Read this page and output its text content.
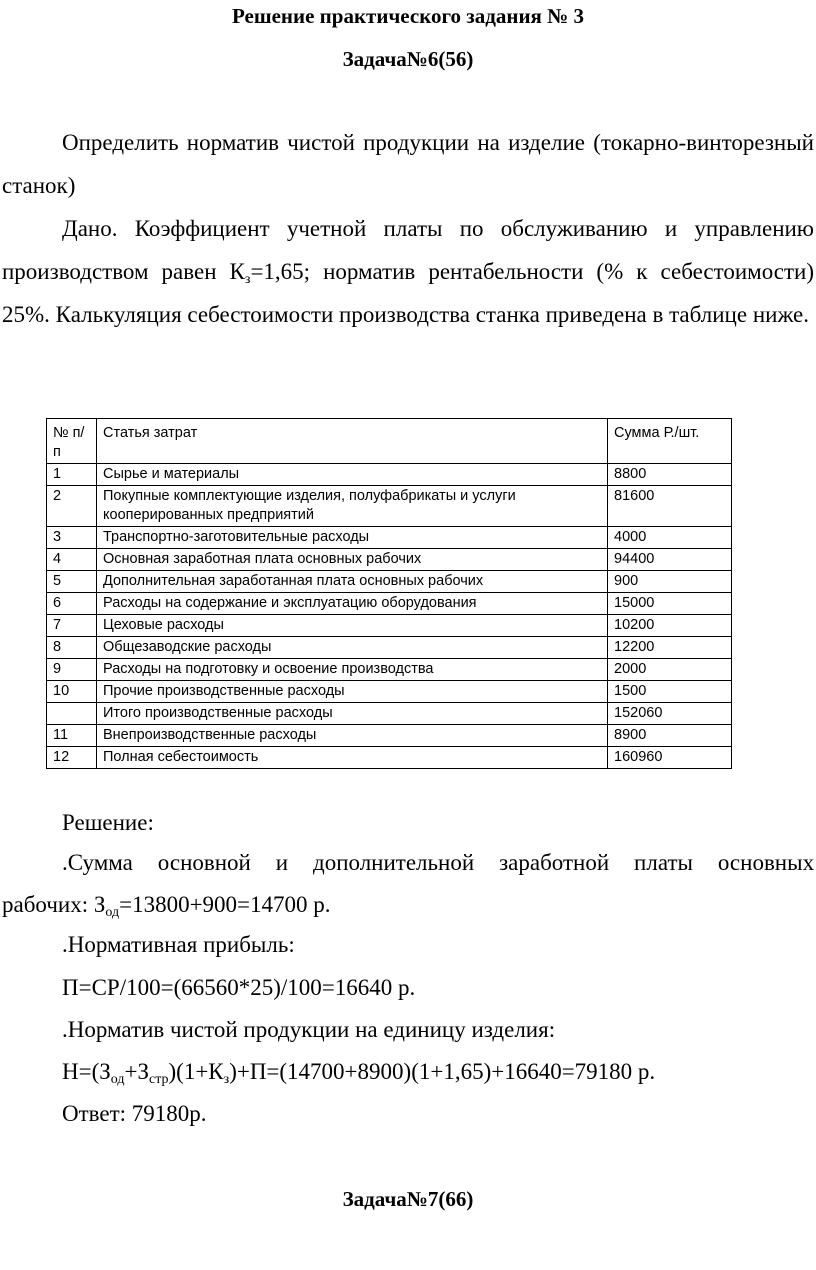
Решение практического задания № 3
Задача№6(56)
Определить норматив чистой продукции на изделие (токарно-винторезный станок)
Дано. Коэффициент учетной платы по обслуживанию и управлению производством равен $К_з=1,65$; норматив рентабельности (% к себестоимости) 25%. Калькуляция себестоимости производства станка приведена в таблице ниже.
№ п/п	Статья затрат	Сумма Р./шт.
1	Сырье и материалы	8800
2	Покупные комплектующие изделия, полуфабрикаты и услуги кооперированных предприятий	81600
3	Транспортно-заготовительные расходы	4000
4	Основная заработная плата основных рабочих	94400
5	Дополнительная заработанная плата основных рабочих	900
6	Расходы на содержание и эксплуатацию оборудования	15000
7	Цеховые расходы	10200
8	Общезаводские расходы	12200
9	Расходы на подготовку и освоение производства	2000
10	Прочие производственные расходы	1500
	Итого производственные расходы	152060
11	Внепроизводственные расходы	8900
12	Полная себестоимость	160960
Решение:
.Сумма основной и дополнительной заработной платы основных
рабочих: $З_{од}=13800+900=14700$ р.
.Нормативная прибыль:
П=СР/100=(66560*25)/100=16640 р.
.Норматив чистой продукции на единицу изделия:
$Н=(З_{од}+З_{стр})(1+К_з)+П=(14700+8900)(1+1,65)+16640=79180$ р.
Ответ: 79180р.
Задача№7(66)
